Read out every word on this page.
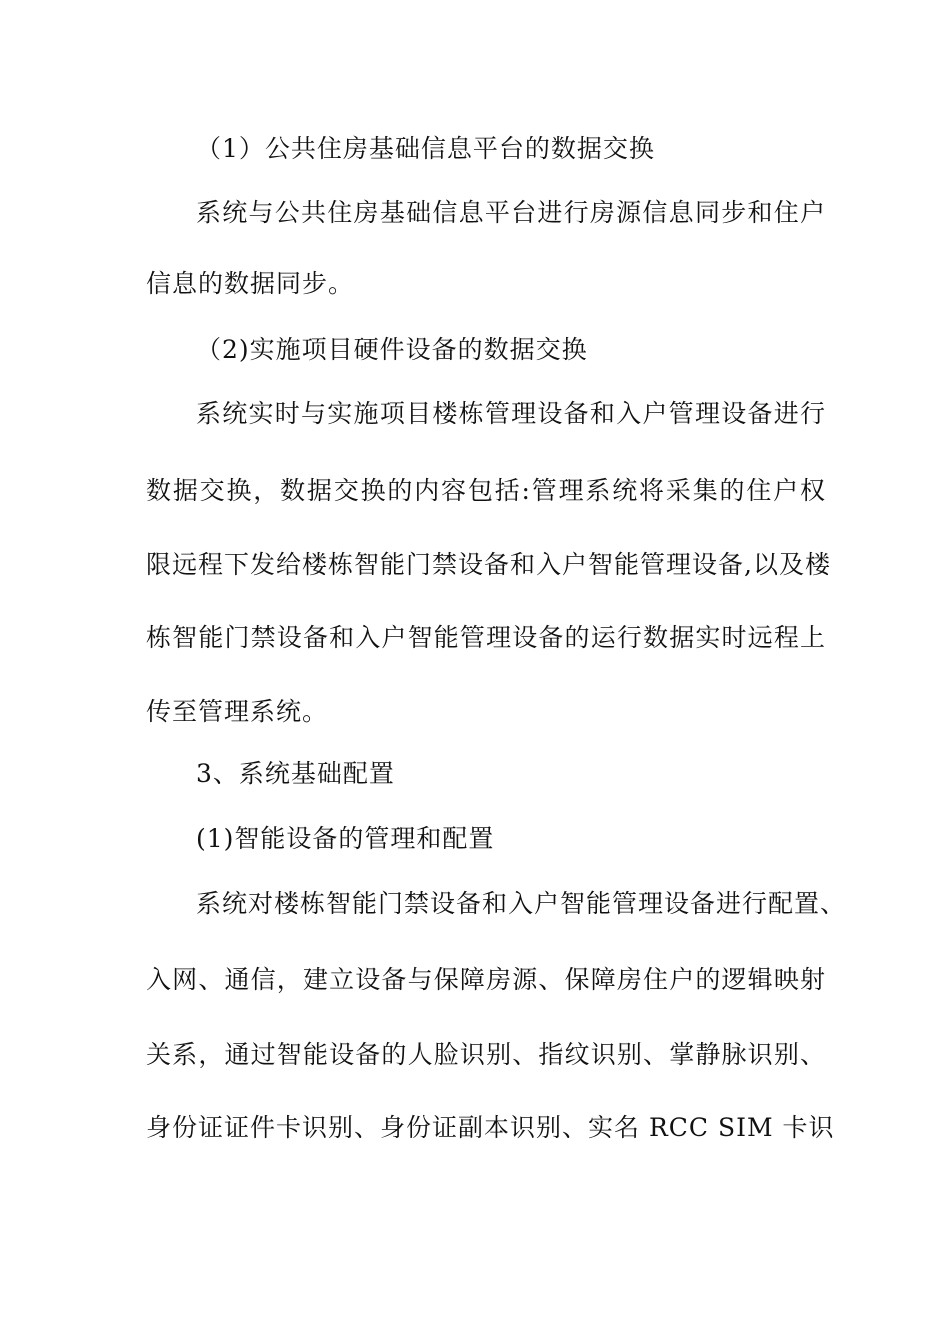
（1）公共住房基础信息平台的数据交换
系统与公共住房基础信息平台进行房源信息同步和住户
信息的数据同步。
（2)实施项目硬件设备的数据交换
系统实时与实施项目楼栋管理设备和入户管理设备进行
数据交换，数据交换的内容包括:管理系统将采集的住户权
限远程下发给楼栋智能门禁设备和入户智能管理设备,以及楼
栋智能门禁设备和入户智能管理设备的运行数据实时远程上
传至管理系统。
3、系统基础配置
(1)智能设备的管理和配置
系统对楼栋智能门禁设备和入户智能管理设备进行配置、
入网、通信，建立设备与保障房源、保障房住户的逻辑映射
关系，通过智能设备的人脸识别、指纹识别、掌静脉识别、
身份证证件卡识别、身份证副本识别、实名 RCC SIM 卡识
